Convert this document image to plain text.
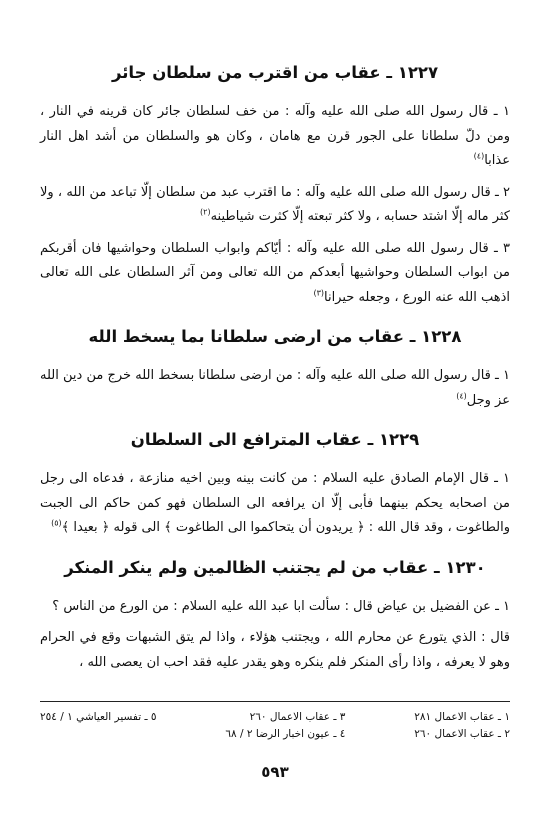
١٢٢٧ ـ عقاب من اقترب من سلطان جائر

١ ـ قال رسول الله صلى الله عليه وآله : من خف لسلطان جائر كان قرينه في النار ، ومن دلّ سلطانا على الجور قرن مع هامان ، وكان هو والسلطان من أشد اهل النار عذابا$^{(٤)}$

٢ ـ قال رسول الله صلى الله عليه وآله : ما اقترب عبد من سلطان إلّا تباعد من الله ، ولا كثر ماله إلّا اشتد حسابه ، ولا كثر تبعته إلّا كثرت شياطينه$^{(٢)}$

٣ ـ قال رسول الله صلى الله عليه وآله : أيّاكم وابواب السلطان وحواشيها فان أقربكم من ابواب السلطان وحواشيها أبعدكم من الله تعالى ومن آثر السلطان على الله تعالى اذهب الله عنه الورع ، وجعله حيرانا$^{(٣)}$

١٢٢٨ ـ عقاب من ارضى سلطانا بما يسخط الله

١ ـ قال رسول الله صلى الله عليه وآله : من ارضى سلطانا بسخط الله خرج من دين الله عز وجل$^{(٤)}$

١٢٢٩ ـ عقاب المترافع الى السلطان

١ ـ قال الإمام الصادق عليه السلام : من كانت بينه وبين اخيه منازعة ، فدعاه الى رجل من اصحابه يحكم بينهما فأبى إلّا ان يرافعه الى السلطان فهو كمن حاكم الى الجبت والطاغوت ، وقد قال الله : ﴿ يريدون أن يتحاكموا الى الطاغوت ﴾ الى قوله ﴿ بعيدا ﴾$^{(٥)}$

١٢٣٠ ـ عقاب من لم يجتنب الظالمين ولم ينكر المنكر

١ ـ عن الفضيل بن عياض قال : سألت ابا عبد الله عليه السلام : من الورع من الناس ؟

قال : الذي يتورع عن محارم الله ، ويجتنب هؤلاء ، واذا لم يتق الشبهات وقع في الحرام وهو لا يعرفه ، واذا رأى المنكر فلم ينكره وهو يقدر عليه فقد احب ان يعصى الله ،

١ ـ عقاب الاعمال ٢٨١
٢ ـ عقاب الاعمال ٢٦٠
٣ ـ عقاب الاعمال ٢٦٠
٤ ـ عيون اخبار الرضا ٢ / ٦٨
٥ ـ تفسير العياشي ١ / ٢٥٤
٥٩٣
